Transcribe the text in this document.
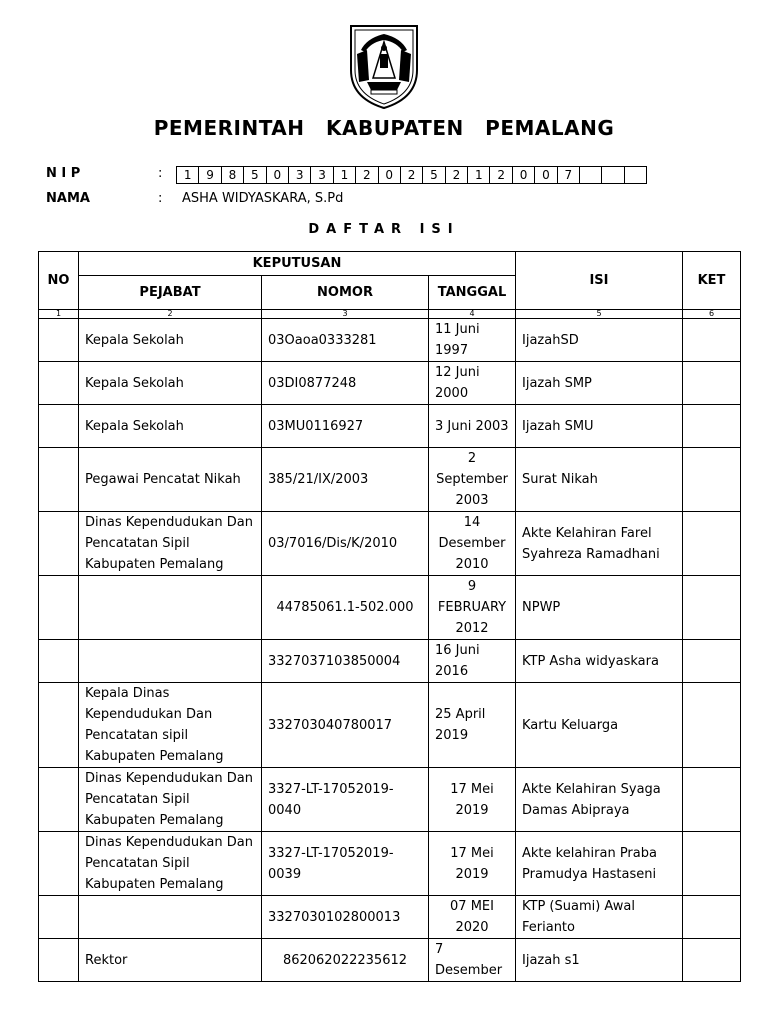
PEMERINTAH KABUPATEN PEMALANG
N I P	:	1	9	8	5	0	3	3	1	2	0	2	5	2	1	2	0	0	7
NAMA	: ASHA WIDYASKARA, S.Pd
DAFTAR ISI
NO	KEPUTUSAN			ISI	KET
	PEJABAT	NOMOR	TANGGAL		
1	2	3	4	5	6
	Kepala Sekolah	03Oaoa0333281	11 Juni 1997	IjazahSD	
	Kepala Sekolah	03DI0877248	12 Juni 2000	Ijazah SMP	
	Kepala Sekolah	03MU0116927	3 Juni 2003	Ijazah SMU	
	Pegawai Pencatat Nikah	385/21/IX/2003	2 September 2003	Surat Nikah	
	Dinas Kependudukan Dan Pencatatan Sipil Kabupaten Pemalang	03/7016/Dis/K/2010	14 Desember 2010	Akte Kelahiran Farel Syahreza Ramadhani	
		44785061.1-502.000	9 FEBRUARY 2012	NPWP	
		3327037103850004	16 Juni 2016	KTP Asha widyaskara	
	Kepala Dinas Kependudukan Dan Pencatatan sipil Kabupaten Pemalang	332703040780017	25 April 2019	Kartu Keluarga	
	Dinas Kependudukan Dan Pencatatan Sipil Kabupaten Pemalang	3327-LT-17052019-0040	17 Mei 2019	Akte Kelahiran Syaga Damas Abipraya	
	Dinas Kependudukan Dan Pencatatan Sipil Kabupaten Pemalang	3327-LT-17052019-0039	17 Mei 2019	Akte kelahiran Praba Pramudya Hastaseni	
		3327030102800013	07 MEI 2020	KTP (Suami) Awal Ferianto	
	Rektor	862062022235612	7 Desember	Ijazah s1	
